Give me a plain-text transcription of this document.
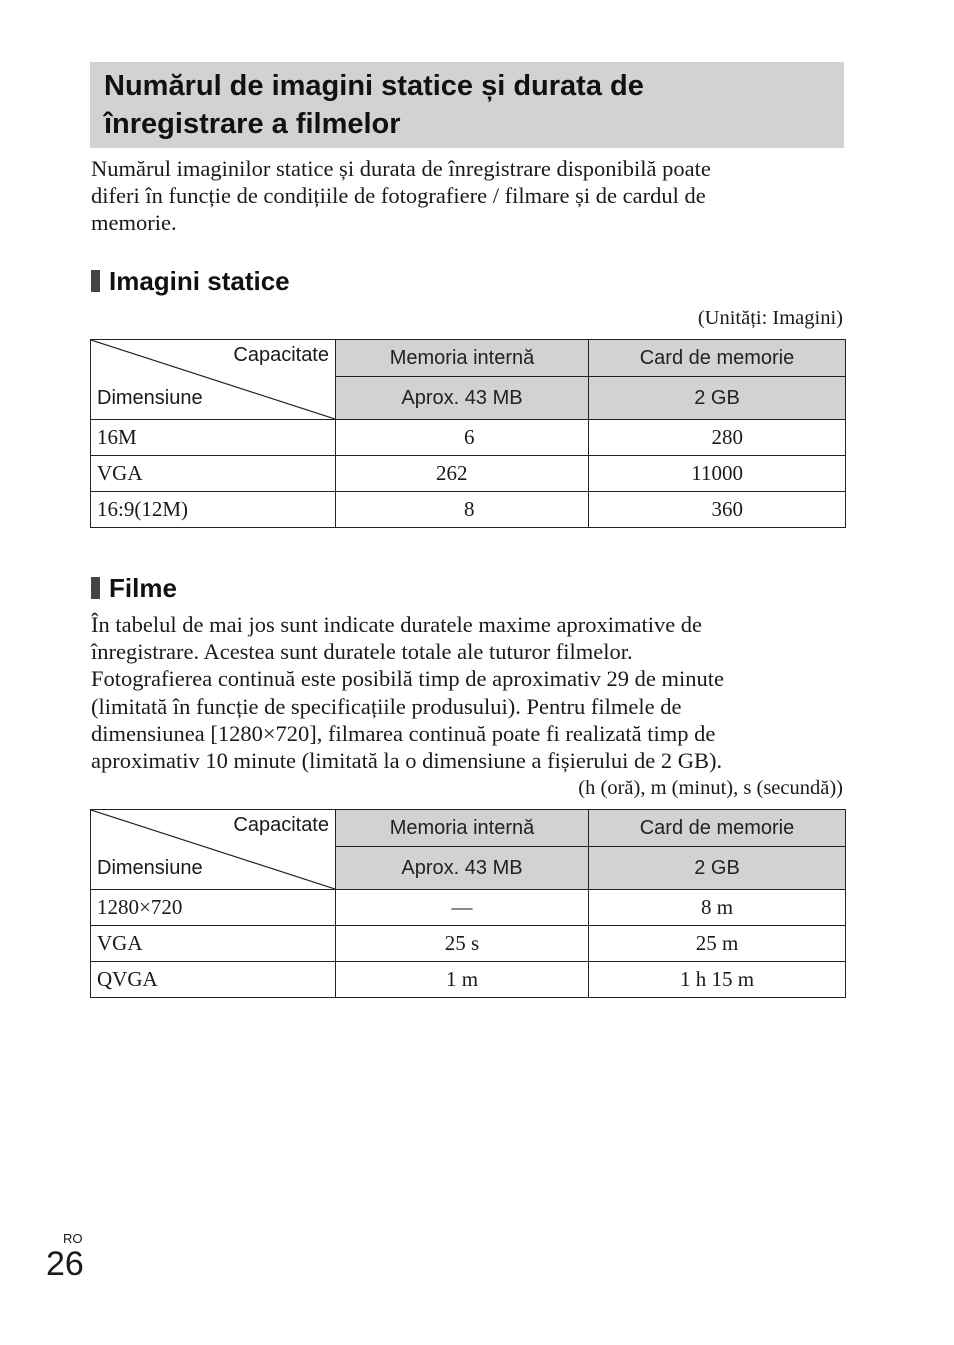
Numărul de imagini statice și durata de
înregistrare a filmelor
Numărul imaginilor statice și durata de înregistrare disponibilă poate
diferi în funcție de condițiile de fotografiere / filmare și de cardul de
memorie.
Imagini statice
(Unități: Imagini)
Capacitate
Dimensiune	Memoria internă	Card de memorie
	Aprox. 43 MB	2 GB
16M	6	280
VGA	262	11000
16:9(12M)	8	360
Filme
În tabelul de mai jos sunt indicate duratele maxime aproximative de
înregistrare. Acestea sunt duratele totale ale tuturor filmelor.
Fotografierea continuă este posibilă timp de aproximativ 29 de minute
(limitată în funcție de specificațiile produsului). Pentru filmele de
dimensiunea [1280×720], filmarea continuă poate fi realizată timp de
aproximativ 10 minute (limitată la o dimensiune a fișierului de 2 GB).
(h (oră), m (minut), s (secundă))
Capacitate
Dimensiune	Memoria internă	Card de memorie
	Aprox. 43 MB	2 GB
1280×720	—	8 m
VGA	25 s	25 m
QVGA	1 m	1 h 15 m
RO
26
